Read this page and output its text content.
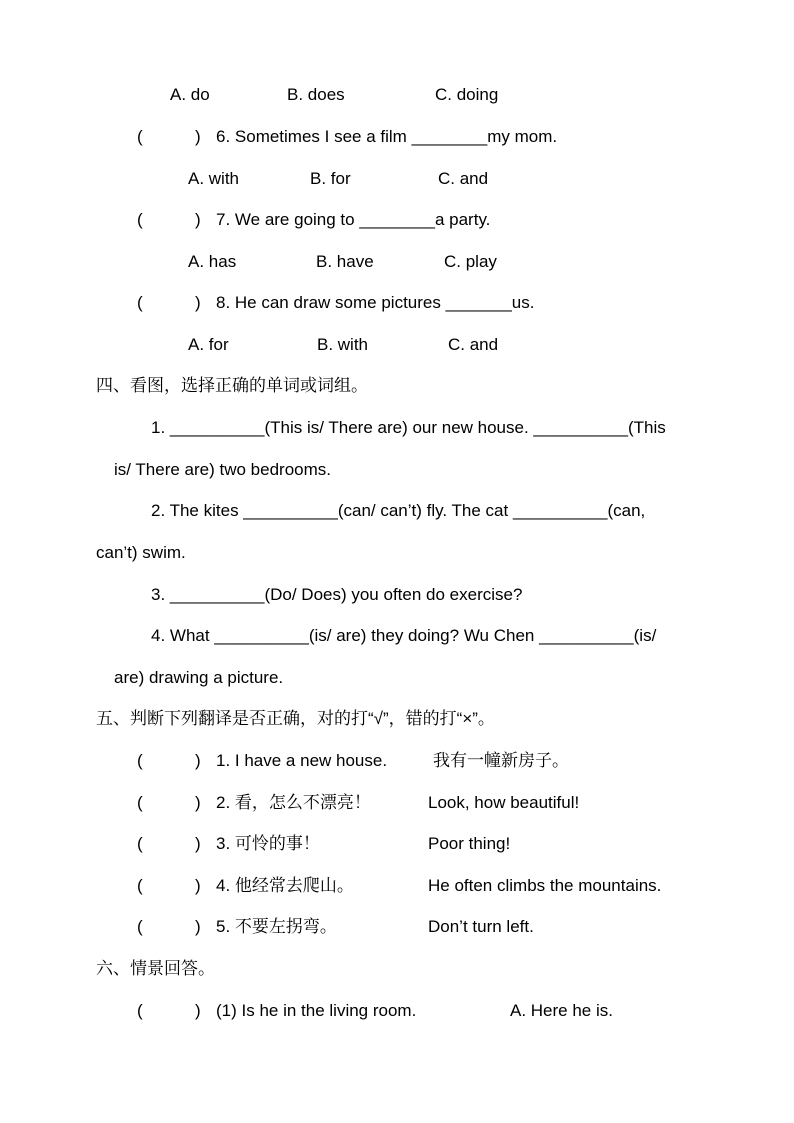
A. do	B. does	C. doing
(	) 6. Sometimes I see a film ________my mom.
A. with	B. for	C. and
(	) 7. We are going to ________a party.
A. has	B. have	C. play
(	) 8. He can draw some pictures _______us.
A. for	B. with	C. and
四、看图，选择正确的单词或词组。
1. __________(This is/ There are) our new house. __________(This
is/ There are) two bedrooms.
2. The kites __________(can/ can’t) fly. The cat __________(can,
can’t) swim.
3. __________(Do/ Does) you often do exercise?
4. What __________(is/ are) they doing? Wu Chen __________(is/
are) drawing a picture.
五、判断下列翻译是否正确，对的打“√”，错的打“×”。
(	) 1. I have a new house.	我有一幢新房子。
(	) 2. 看，怎么不漂亮！	Look, how beautiful!
(	) 3. 可怜的事！	Poor thing!
(	) 4. 他经常去爬山。	He often climbs the mountains.
(	) 5. 不要左拐弯。	Don’t turn left.
六、情景回答。
(	) (1) Is he in the living room.	A. Here he is.
